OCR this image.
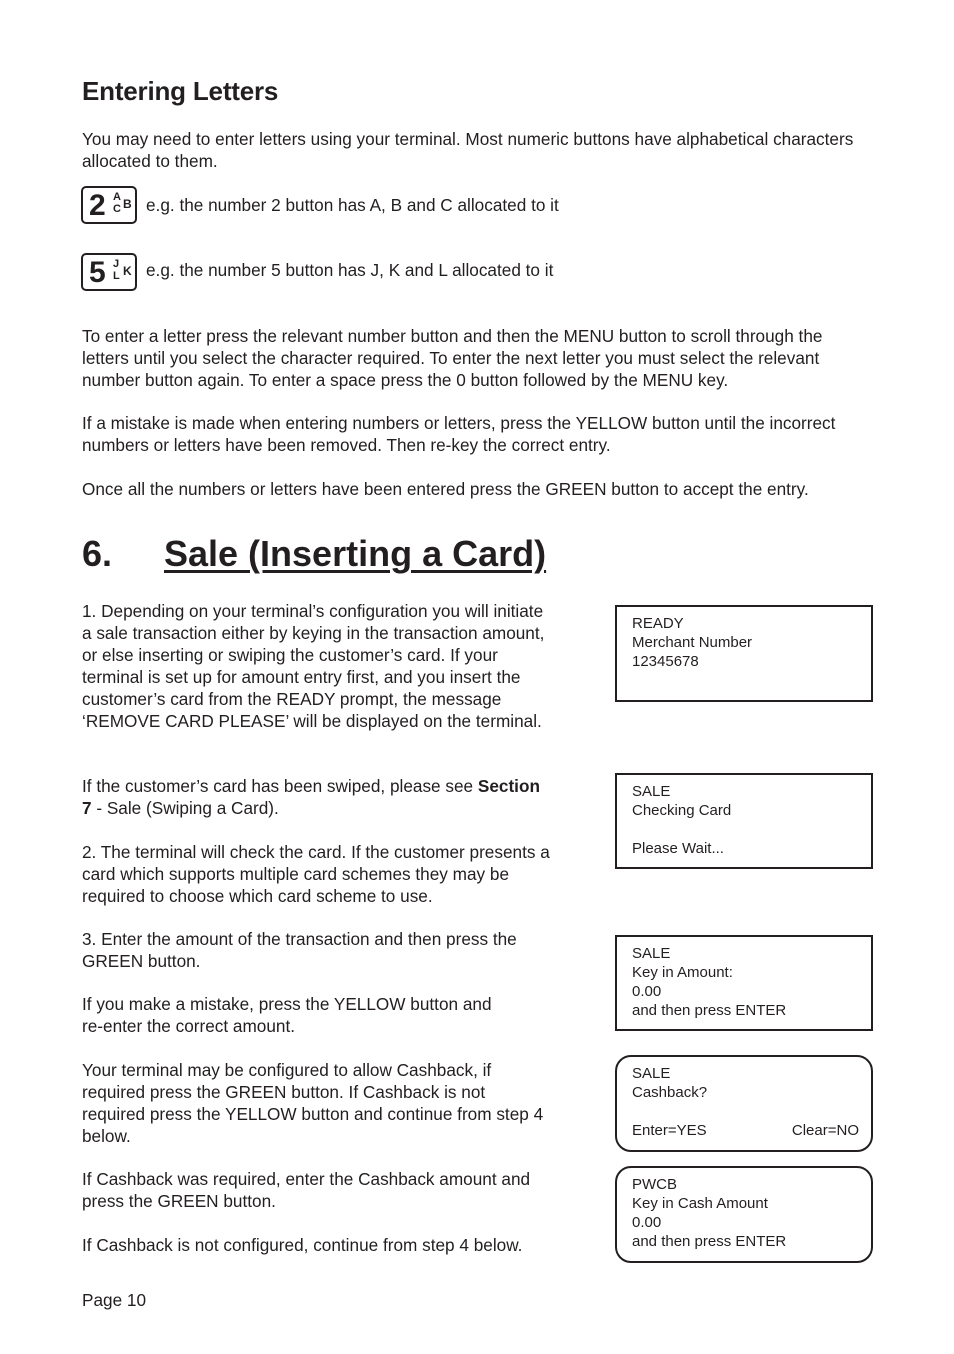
Entering Letters
You may need to enter letters using your terminal. Most numeric buttons have alphabetical characters allocated to them.
2 A B
C e.g. the number 2 button has A, B and C allocated to it
5 J K
L e.g. the number 5 button has J, K and L allocated to it
To enter a letter press the relevant number button and then the MENU button to scroll through the letters until you select the character required. To enter the next letter you must select the relevant number button again. To enter a space press the 0 button followed by the MENU key.
If a mistake is made when entering numbers or letters, press the YELLOW button until the incorrect numbers or letters have been removed. Then re-key the correct entry.
Once all the numbers or letters have been entered press the GREEN button to accept the entry.
6. Sale (Inserting a Card)
1. Depending on your terminal’s configuration you will initiate a sale transaction either by keying in the transaction amount, or else inserting or swiping the customer’s card. If your terminal is set up for amount entry first, and you insert the customer’s card from the READY prompt, the message ‘REMOVE CARD PLEASE’ will be displayed on the terminal.
If the customer’s card has been swiped, please see Section 7 - Sale (Swiping a Card).
2. The terminal will check the card. If the customer presents a card which supports multiple card schemes they may be required to choose which card scheme to use.
3. Enter the amount of the transaction and then press the GREEN button.
If you make a mistake, press the YELLOW button and
re-enter the correct amount.
Your terminal may be configured to allow Cashback, if required press the GREEN button. If Cashback is not required press the YELLOW button and continue from step 4 below.
If Cashback was required, enter the Cashback amount and press the GREEN button.
If Cashback is not configured, continue from step 4 below.
READY
Merchant Number
12345678
SALE
Checking Card
Please Wait...
SALE
Key in Amount:
0.00
and then press ENTER
SALE
Cashback?
Enter=YES	Clear=NO
PWCB
Key in Cash Amount
0.00
and then press ENTER
Page 10
